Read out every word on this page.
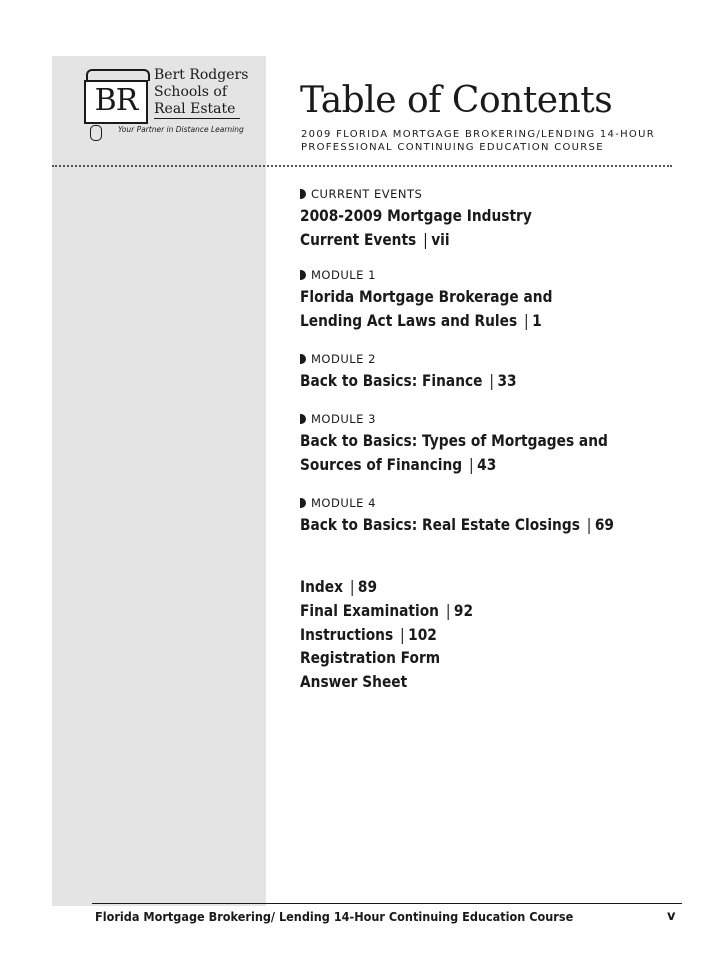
BR
Bert Rodgers
Schools of
Real Estate
Your Partner in Distance Learning
Table of Contents
2009 FLORIDA MORTGAGE BROKERING/LENDING 14-HOUR
PROFESSIONAL CONTINUING EDUCATION COURSE
CURRENT EVENTS
2008-2009 Mortgage Industry
Current Events | vii
MODULE 1
Florida Mortgage Brokerage and
Lending Act Laws and Rules | 1
MODULE 2
Back to Basics: Finance | 33
MODULE 3
Back to Basics: Types of Mortgages and
Sources of Financing | 43
MODULE 4
Back to Basics: Real Estate Closings | 69
Index | 89
Final Examination | 92
Instructions | 102
Registration Form
Answer Sheet
Florida Mortgage Brokering/ Lending 14-Hour Continuing Education Course	v
